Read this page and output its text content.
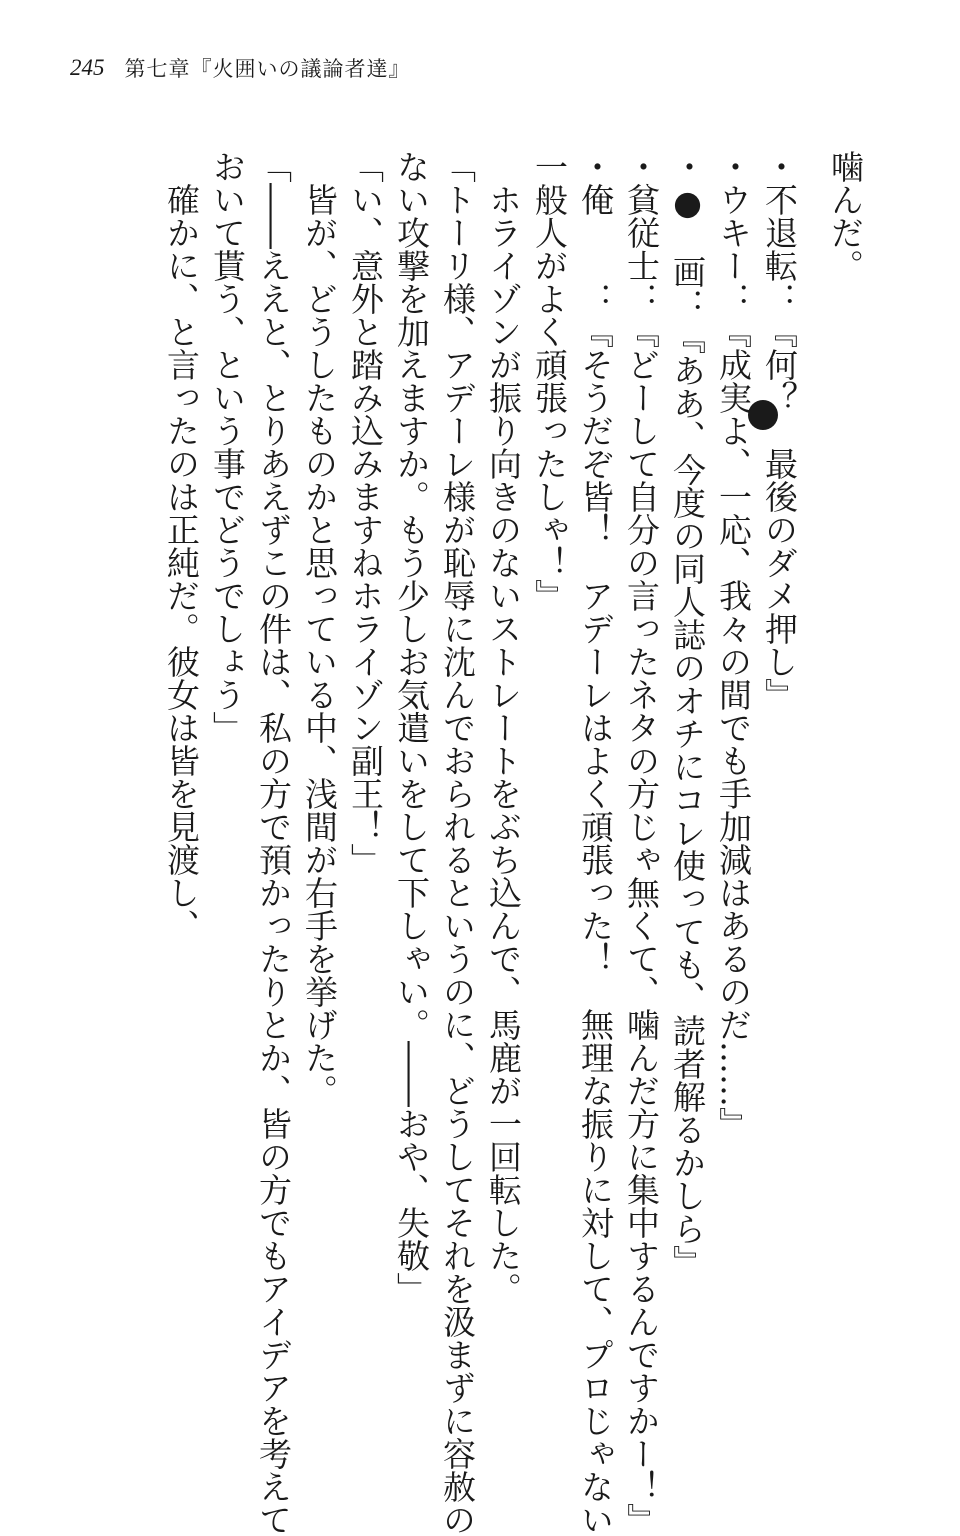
245 第七章『火囲いの議論者達』

噛んだ。

・不退転：『何？　最後のダメ押し』

・ウキー：『成実よ、一応、我々の間でも手加減はあるのだ……』

・●　画：『ああ、今度の同人誌のオチにコレ使っても、読者解るかしら』

・貧従士：『どーして自分の言ったネタの方じゃ無くて、噛んだ方に集中するんですかー！』

・俺　　：『そうだぞ皆！　アデーレはよく頑張った！　無理な振りに対して、プロじゃない

一般人がよく頑張ったしゃ！』

　ホライゾンが振り向きのないストレートをぶち込んで、馬鹿が一回転した。

「トーリ様、アデーレ様が恥辱に沈んでおられるというのに、どうしてそれを汲まずに容赦の

ない攻撃を加えますか。もう少しお気遣いをして下しゃい。――おや、失敬」

「い、意外と踏み込みますねホライゾン副王！」

　皆が、どうしたものかと思っている中、浅間が右手を挙げた。

「――ええと、とりあえずこの件は、私の方で預かったりとか、皆の方でもアイデアを考えて

おいて貰う、という事でどうでしょう」

　確かに、と言ったのは正純だ。彼女は皆を見渡し、
